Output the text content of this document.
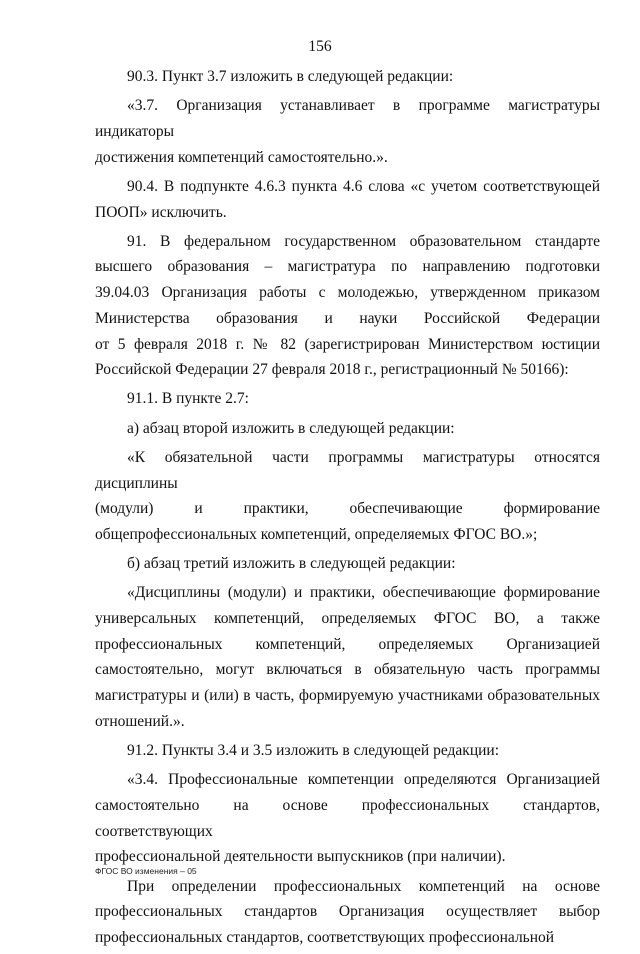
156
90.3. Пункт 3.7 изложить в следующей редакции:
«3.7. Организация устанавливает в программе магистратуры индикаторы
достижения компетенций самостоятельно.».
90.4. В подпункте 4.6.3 пункта 4.6 слова «с учетом соответствующей
ПООП» исключить.
91. В федеральном государственном образовательном стандарте
высшего образования – магистратура по направлению подготовки
39.04.03 Организация работы с молодежью, утвержденном приказом
Министерства образования и науки Российской Федерации
от 5 февраля 2018 г. № 82 (зарегистрирован Министерством юстиции
Российской Федерации 27 февраля 2018 г., регистрационный № 50166):
91.1. В пункте 2.7:
а) абзац второй изложить в следующей редакции:
«К обязательной части программы магистратуры относятся дисциплины
(модули) и практики, обеспечивающие формирование
общепрофессиональных компетенций, определяемых ФГОС ВО.»;
б) абзац третий изложить в следующей редакции:
«Дисциплины (модули) и практики, обеспечивающие формирование
универсальных компетенций, определяемых ФГОС ВО, а также
профессиональных компетенций, определяемых Организацией
самостоятельно, могут включаться в обязательную часть программы
магистратуры и (или) в часть, формируемую участниками образовательных
отношений.».
91.2. Пункты 3.4 и 3.5 изложить в следующей редакции:
«3.4. Профессиональные компетенции определяются Организацией
самостоятельно на основе профессиональных стандартов, соответствующих
профессиональной деятельности выпускников (при наличии).
При определении профессиональных компетенций на основе
профессиональных стандартов Организация осуществляет выбор
профессиональных стандартов, соответствующих профессиональной
ФГОС ВО изменения – 05
